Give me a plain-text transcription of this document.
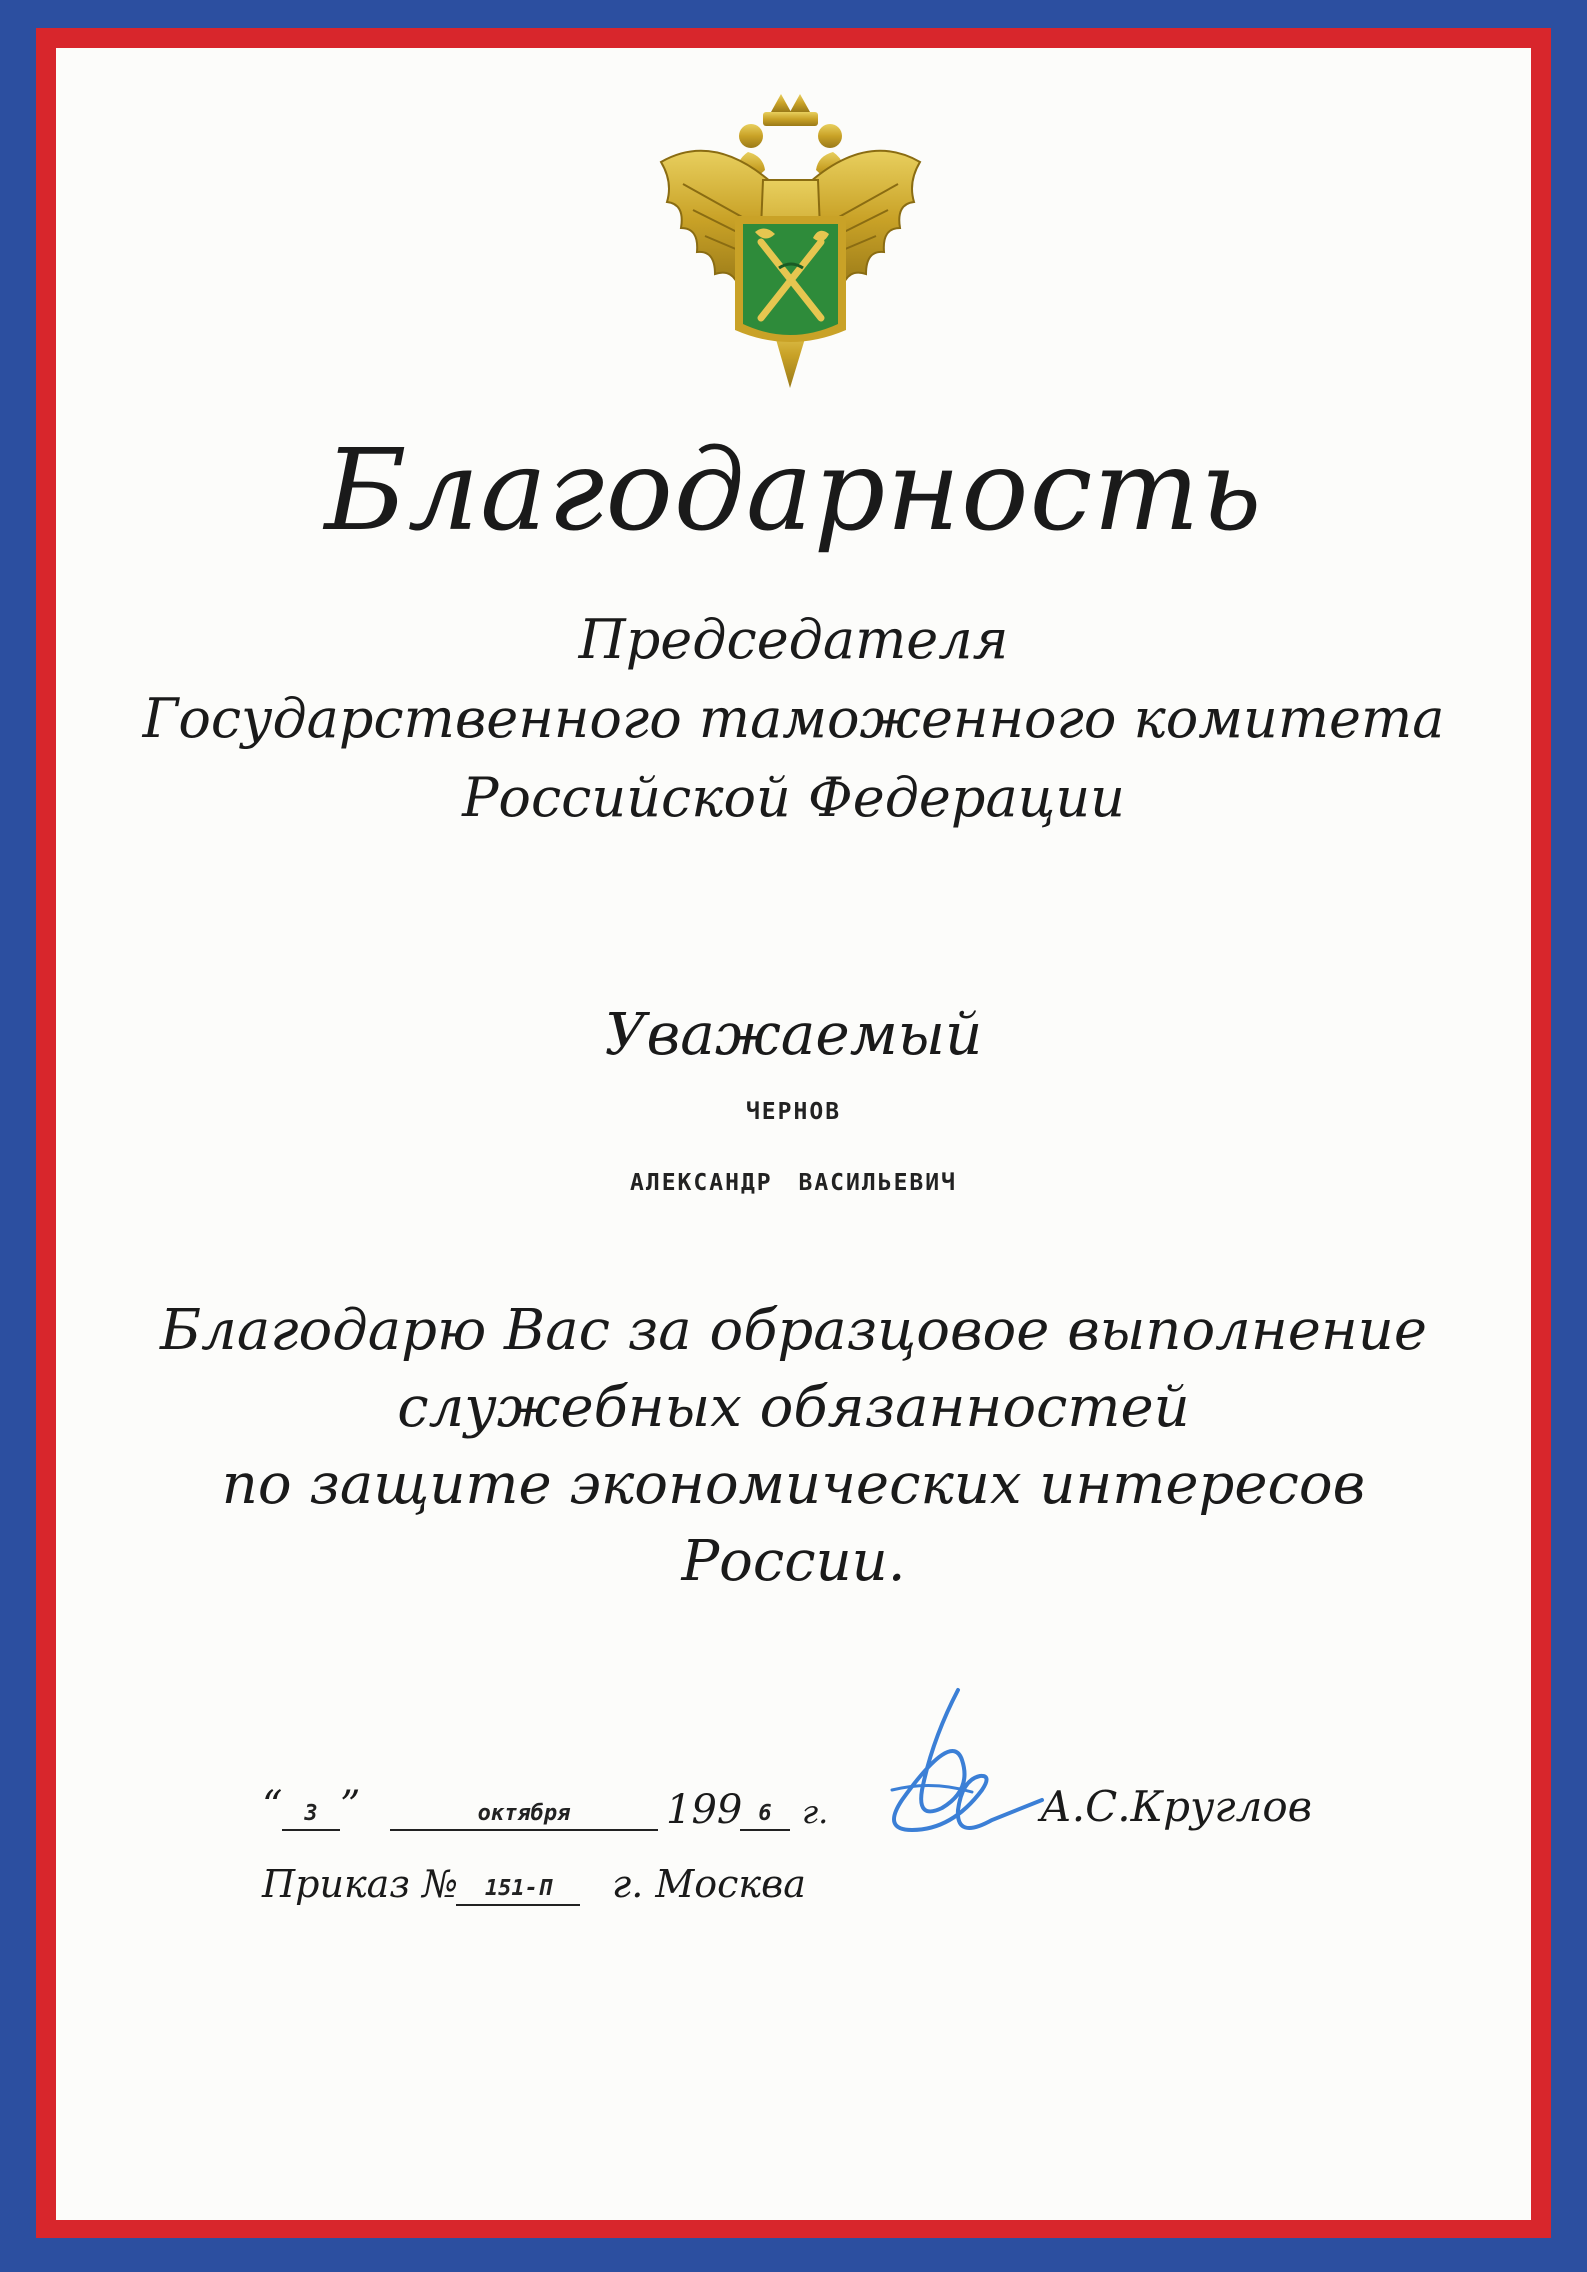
Благодарность
Председателя
Государственного таможенного комитета
Российской Федерации
Уважаемый
ЧЕРНОВ
АЛЕКСАНДР ВАСИЛЬЕВИЧ
Благодарю Вас за образцовое выполнение
служебных обязанностей
по защите экономических интересов
России.
“ 3 ”	октября	199 6 г.
Приказ №	151-П	г. Москва
А.С.Круглов
